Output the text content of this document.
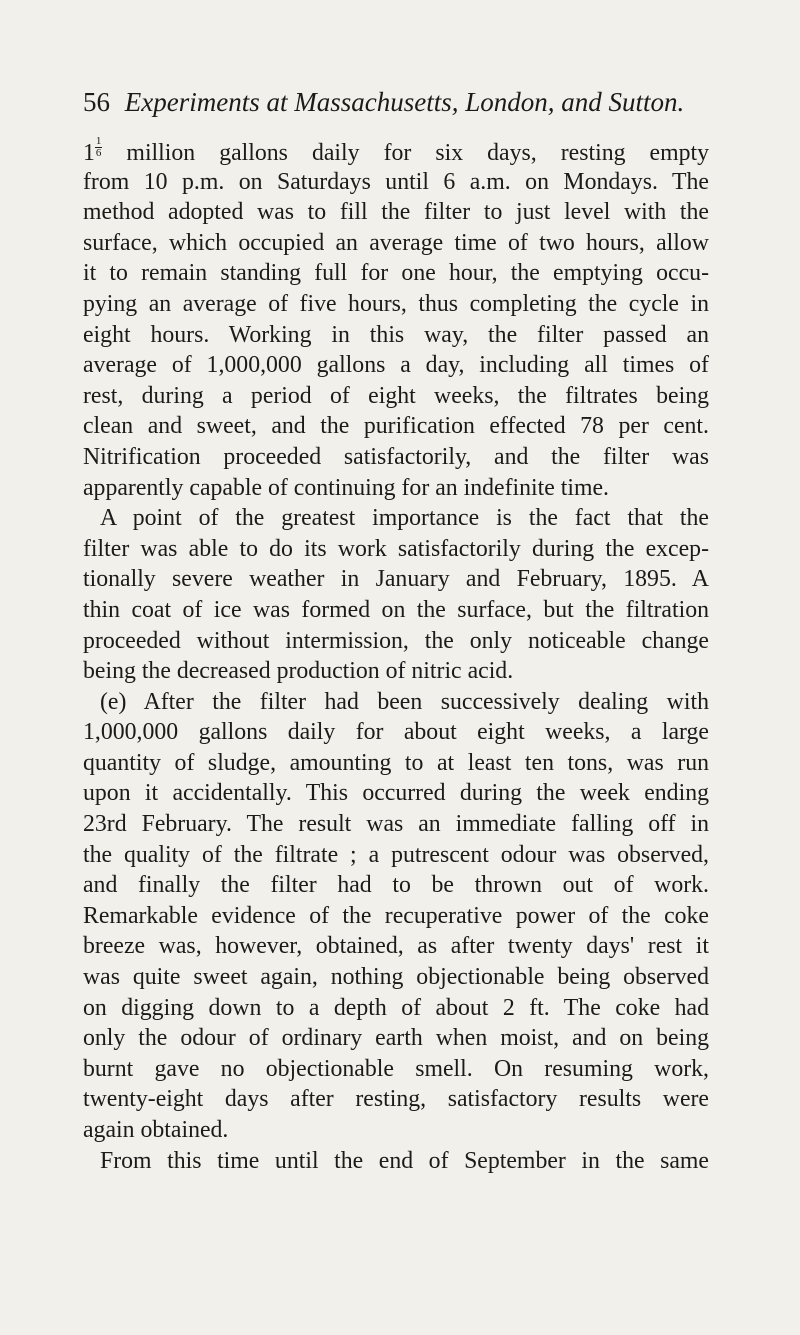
56 Experiments at Massachusetts, London, and Sutton.
$1 \frac{1}{6}$ million gallons daily for six days, resting empty
from 10 p.m. on Saturdays until 6 a.m. on Mondays. The
method adopted was to fill the filter to just level with the
surface, which occupied an average time of two hours, allow
it to remain standing full for one hour, the emptying occu-
pying an average of five hours, thus completing the cycle in
eight hours. Working in this way, the filter passed an
average of 1,000,000 gallons a day, including all times of
rest, during a period of eight weeks, the filtrates being
clean and sweet, and the purification effected 78 per cent.
Nitrification proceeded satisfactorily, and the filter was
apparently capable of continuing for an indefinite time.
A point of the greatest importance is the fact that the
filter was able to do its work satisfactorily during the excep-
tionally severe weather in January and February, 1895. A
thin coat of ice was formed on the surface, but the filtration
proceeded without intermission, the only noticeable change
being the decreased production of nitric acid.
(e) After the filter had been successively dealing with
1,000,000 gallons daily for about eight weeks, a large
quantity of sludge, amounting to at least ten tons, was run
upon it accidentally. This occurred during the week ending
23rd February. The result was an immediate falling off in
the quality of the filtrate ; a putrescent odour was observed,
and finally the filter had to be thrown out of work.
Remarkable evidence of the recuperative power of the coke
breeze was, however, obtained, as after twenty days' rest it
was quite sweet again, nothing objectionable being observed
on digging down to a depth of about 2 ft. The coke had
only the odour of ordinary earth when moist, and on being
burnt gave no objectionable smell. On resuming work,
twenty-eight days after resting, satisfactory results were
again obtained.
From this time until the end of September in the same
